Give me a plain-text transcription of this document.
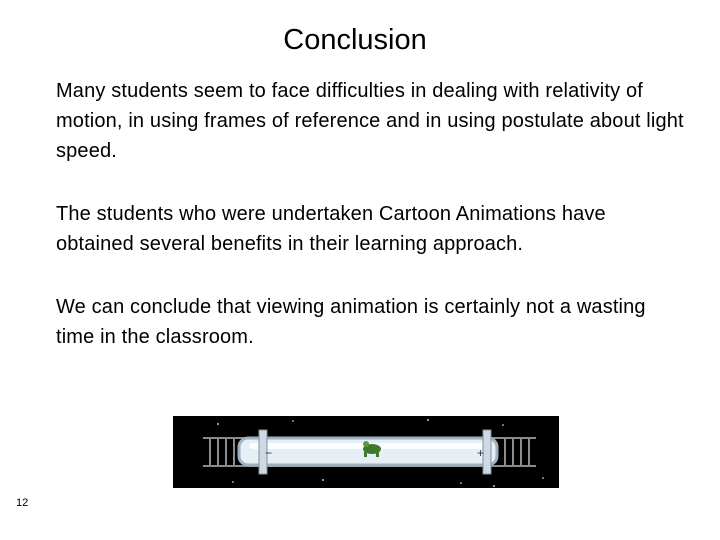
Conclusion
Many students seem to face difficulties in dealing with relativity of motion, in using frames of reference and in using postulate about light speed.
The students who were undertaken Cartoon Animations have obtained several benefits in their learning approach.
We can conclude that viewing animation is certainly not a wasting time in the classroom.
−	+
12
